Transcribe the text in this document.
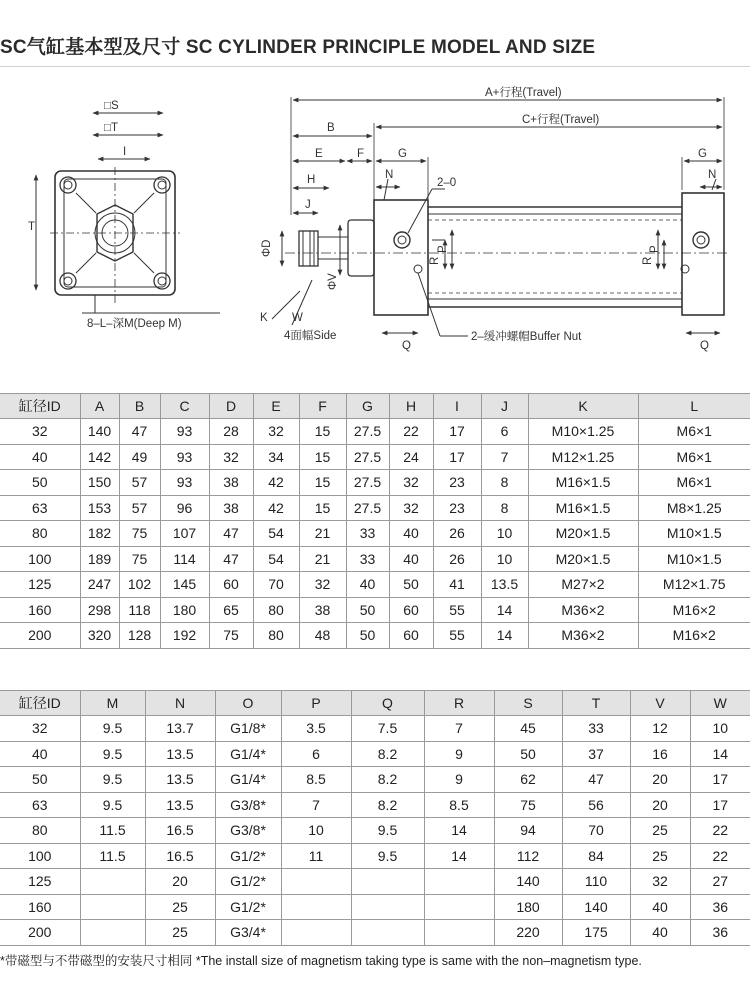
SC气缸基本型及尺寸 SC CYLINDER PRINCIPLE MODEL AND SIZE
□S
□T
I
T
8–L–深M(Deep M)
A+行程(Travel)
C+行程(Travel)
B
E	F	G	G
H	N	N
J
2–0
ΦD
ΦV
R
P
R
P
K W
4面幅Side
Q	Q
2–缓冲螺帽Buffer Nut
缸径ID	A	B	C	D	E	F	G	H	I	J	K	L
32	140	47	93	28	32	15	27.5	22	17	6	M10×1.25	M6×1
40	142	49	93	32	34	15	27.5	24	17	7	M12×1.25	M6×1
50	150	57	93	38	42	15	27.5	32	23	8	M16×1.5	M6×1
63	153	57	96	38	42	15	27.5	32	23	8	M16×1.5	M8×1.25
80	182	75	107	47	54	21	33	40	26	10	M20×1.5	M10×1.5
100	189	75	114	47	54	21	33	40	26	10	M20×1.5	M10×1.5
125	247	102	145	60	70	32	40	50	41	13.5	M27×2	M12×1.75
160	298	118	180	65	80	38	50	60	55	14	M36×2	M16×2
200	320	128	192	75	80	48	50	60	55	14	M36×2	M16×2
缸径ID	M	N	O	P	Q	R	S	T	V	W
32	9.5	13.7	G1/8*	3.5	7.5	7	45	33	12	10
40	9.5	13.5	G1/4*	6	8.2	9	50	37	16	14
50	9.5	13.5	G1/4*	8.5	8.2	9	62	47	20	17
63	9.5	13.5	G3/8*	7	8.2	8.5	75	56	20	17
80	11.5	16.5	G3/8*	10	9.5	14	94	70	25	22
100	11.5	16.5	G1/2*	11	9.5	14	112	84	25	22
125		20	G1/2*				140	110	32	27
160		25	G1/2*				180	140	40	36
200		25	G3/4*				220	175	40	36
*带磁型与不带磁型的安装尺寸相同 *The install size of magnetism taking type is same with the non–magnetism type.
